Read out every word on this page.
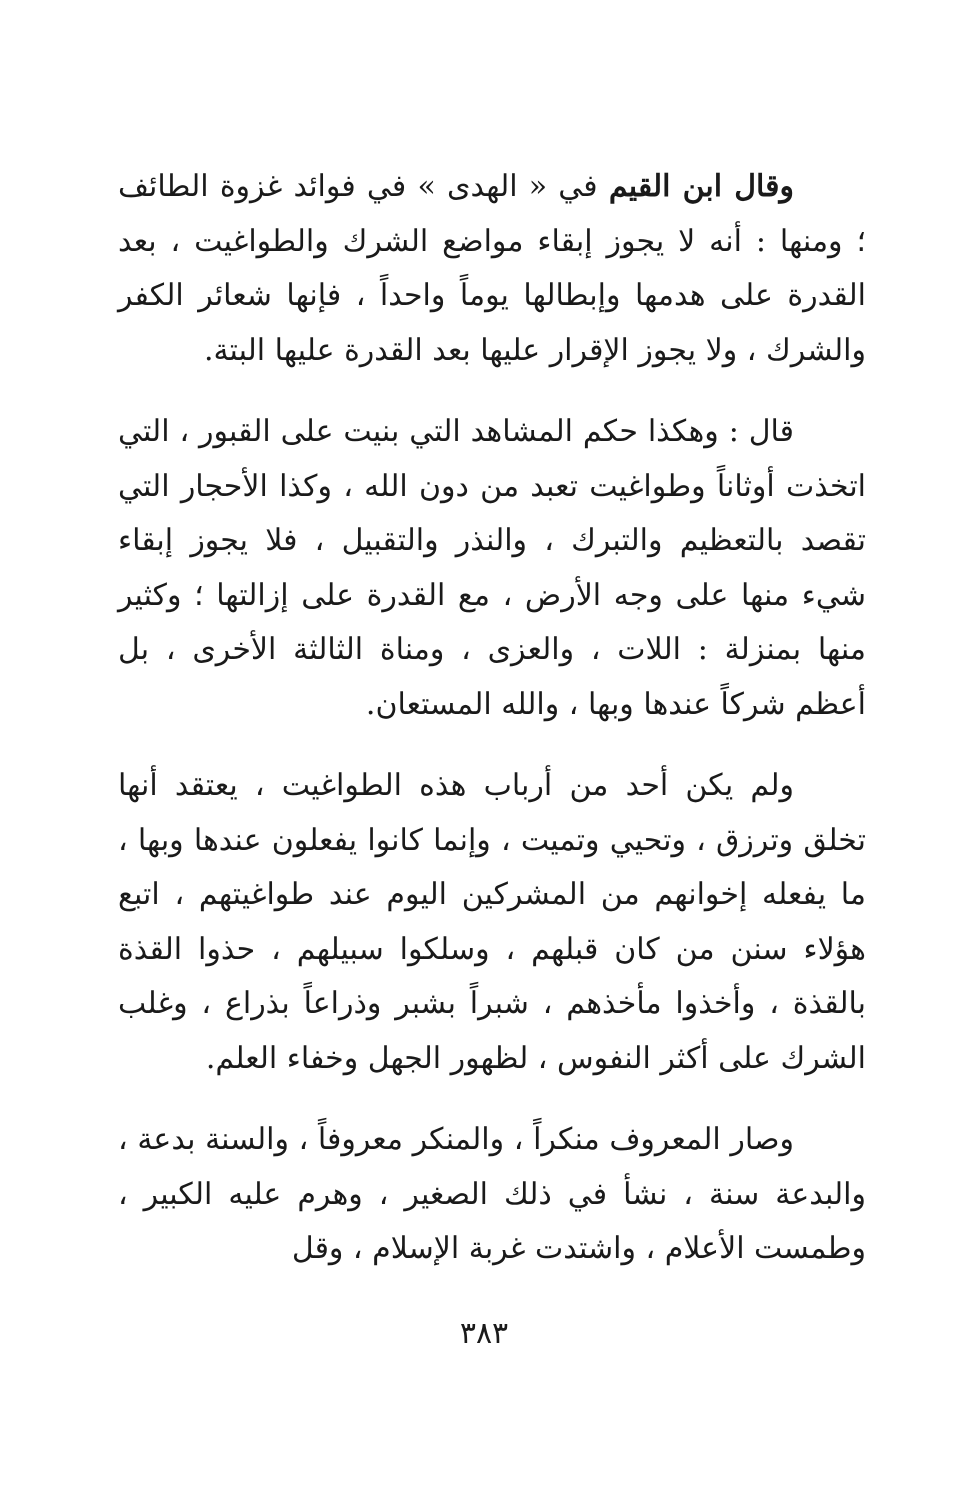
وقال ابن القيم في « الهدى » في فوائد غزوة الطائف ؛ ومنها : أنه لا يجوز إبقاء مواضع الشرك والطواغيت ، بعد القدرة على هدمها وإبطالها يوماً واحداً ، فإنها شعائر الكفر والشرك ، ولا يجوز الإقرار عليها بعد القدرة عليها البتة.

قال : وهكذا حكم المشاهد التي بنيت على القبور ، التي اتخذت أوثاناً وطواغيت تعبد من دون الله ، وكذا الأحجار التي تقصد بالتعظيم والتبرك ، والنذر والتقبيل ، فلا يجوز إبقاء شيء منها على وجه الأرض ، مع القدرة على إزالتها ؛ وكثير منها بمنزلة : اللات ، والعزى ، ومناة الثالثة الأخرى ، بل أعظم شركاً عندها وبها ، والله المستعان.

ولم يكن أحد من أرباب هذه الطواغيت ، يعتقد أنها تخلق وترزق ، وتحيي وتميت ، وإنما كانوا يفعلون عندها وبها ، ما يفعله إخوانهم من المشركين اليوم عند طواغيتهم ، اتبع هؤلاء سنن من كان قبلهم ، وسلكوا سبيلهم ، حذوا القذة بالقذة ، وأخذوا مأخذهم ، شبراً بشبر وذراعاً بذراع ، وغلب الشرك على أكثر النفوس ، لظهور الجهل وخفاء العلم.

وصار المعروف منكراً ، والمنكر معروفاً ، والسنة بدعة ، والبدعة سنة ، نشأ في ذلك الصغير ، وهرم عليه الكبير ، وطمست الأعلام ، واشتدت غربة الإسلام ، وقل

٣٨٣
